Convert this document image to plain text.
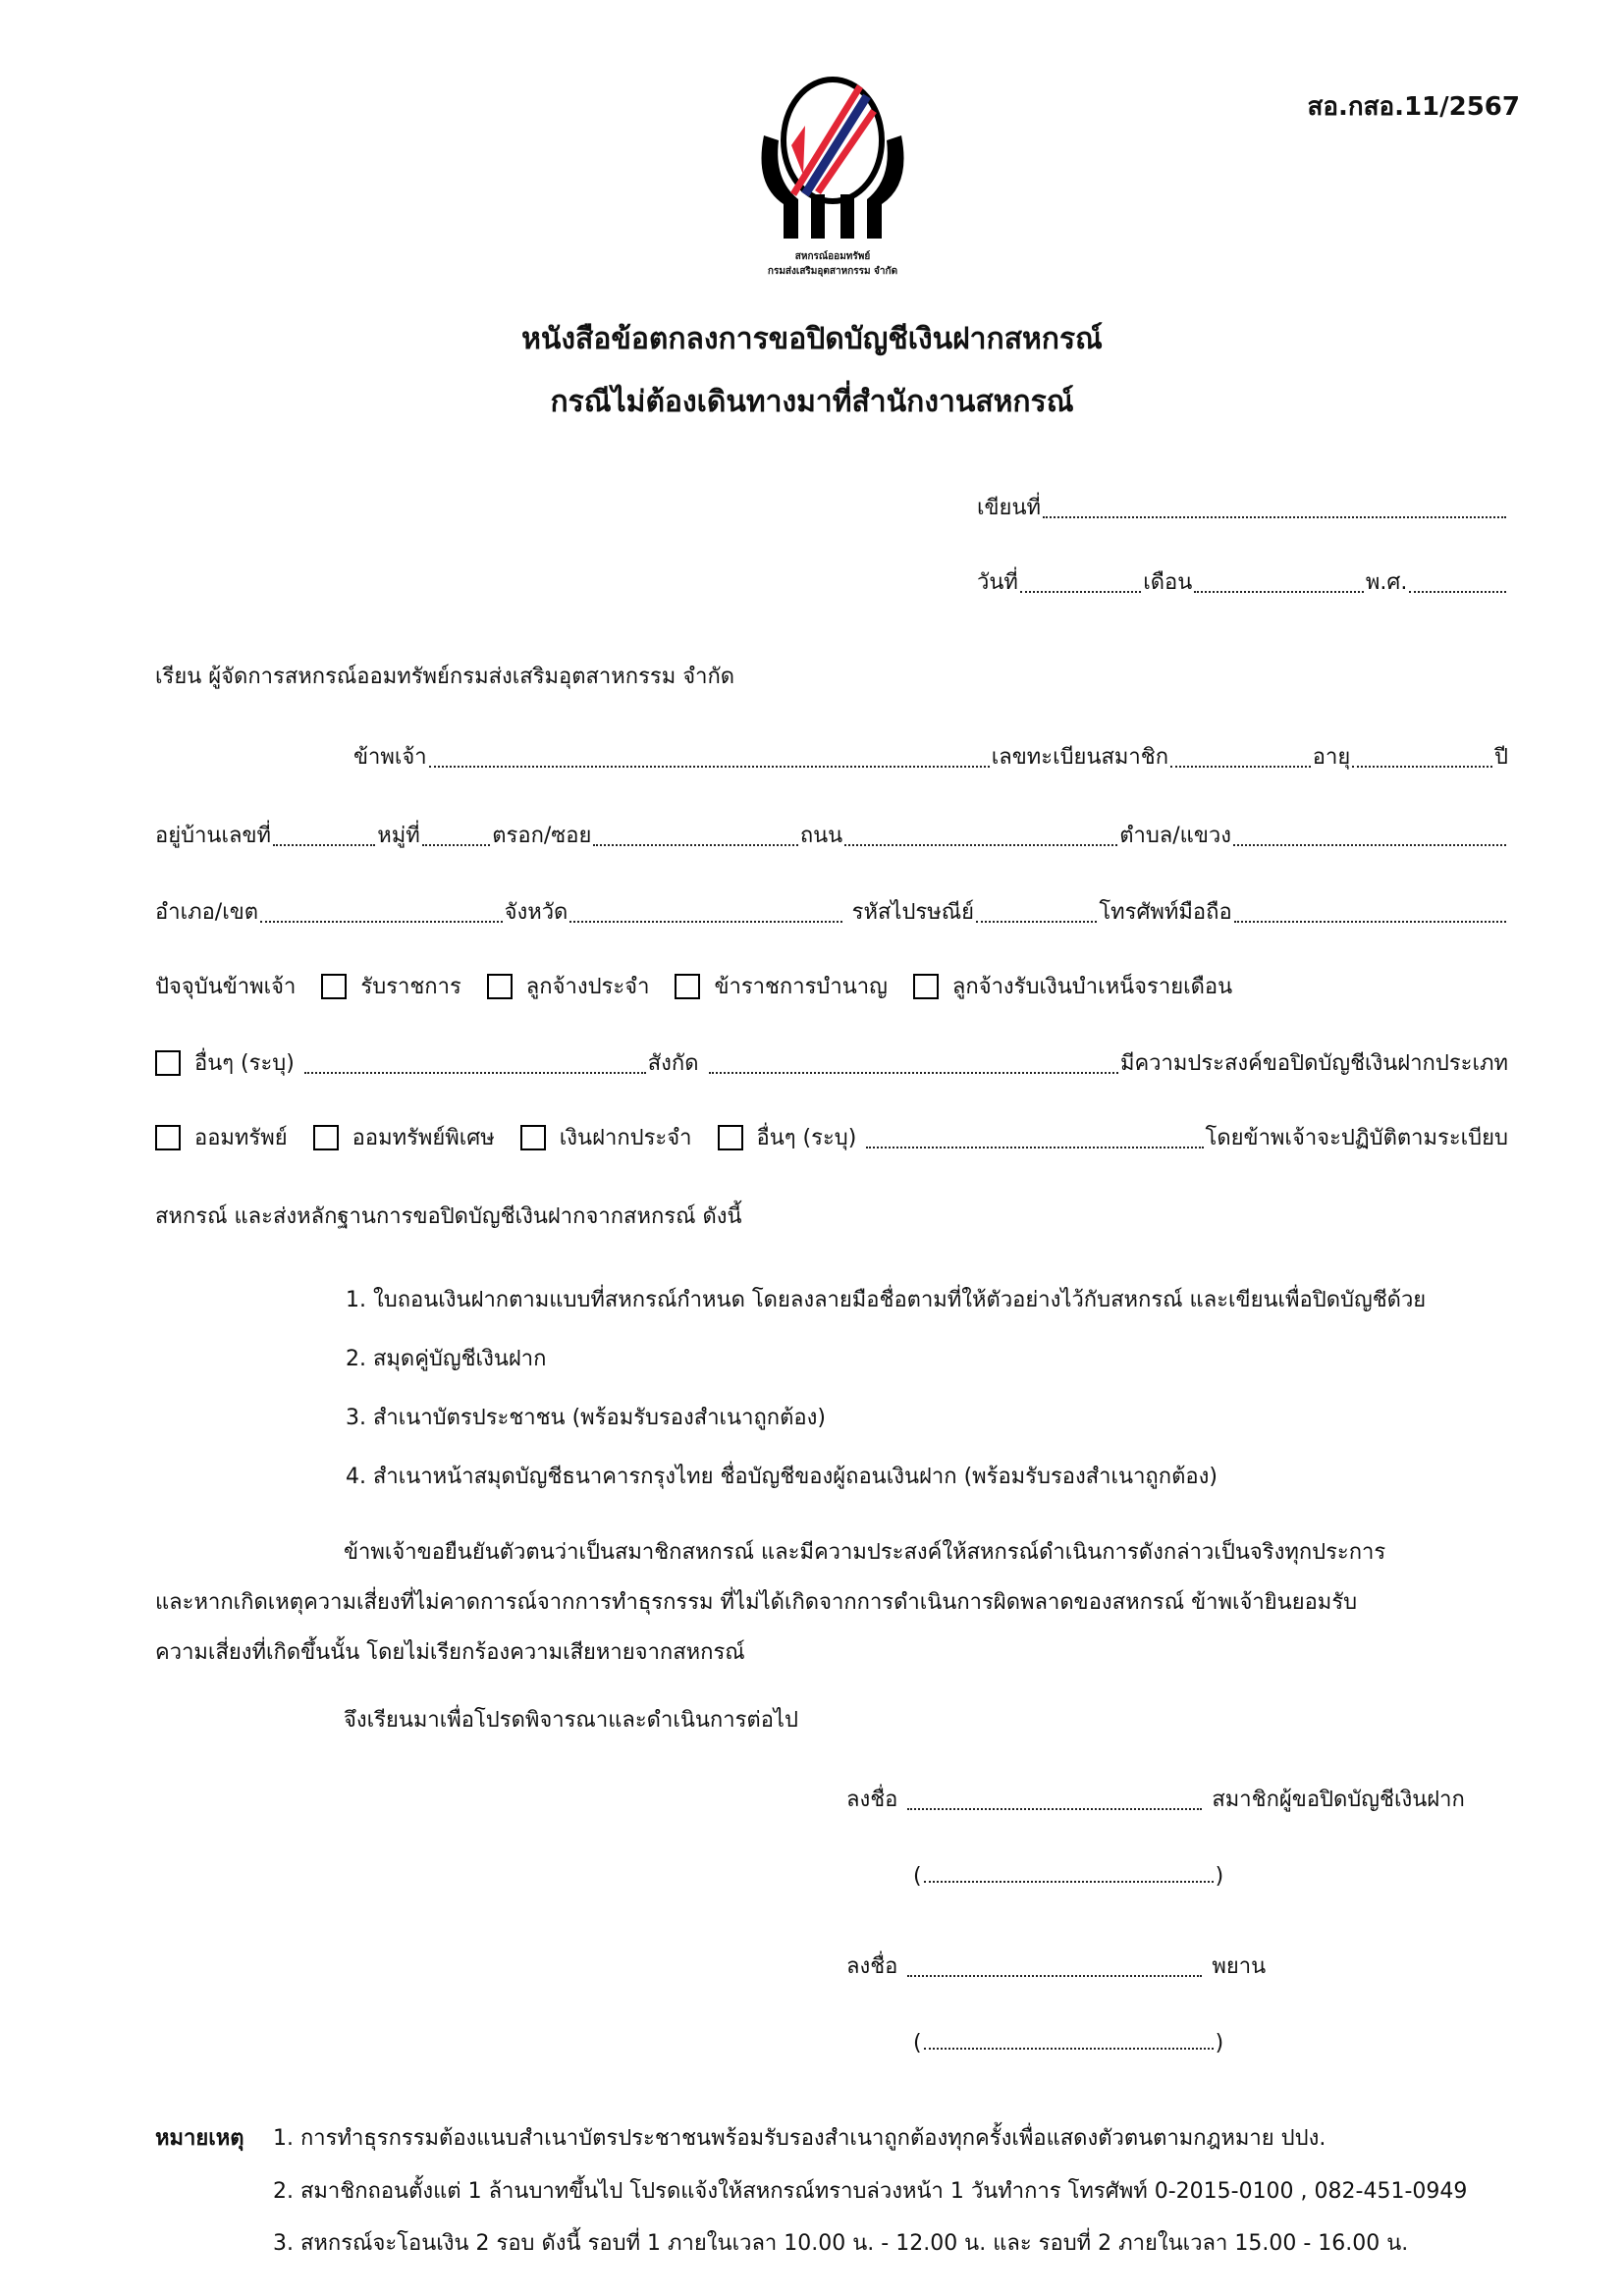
สอ.กสอ.11/2567
สหกรณ์ออมทรัพย์
กรมส่งเสริมอุตสาหกรรม จำกัด
หนังสือข้อตกลงการขอปิดบัญชีเงินฝากสหกรณ์
กรณีไม่ต้องเดินทางมาที่สำนักงานสหกรณ์
เขียนที่
วันที่	เดือน	พ.ศ.
เรียน ผู้จัดการสหกรณ์ออมทรัพย์กรมส่งเสริมอุตสาหกรรม จำกัด
ข้าพเจ้า	เลขทะเบียนสมาชิก	อายุ	ปี
อยู่บ้านเลขที่	หมู่ที่	ตรอก/ซอย	ถนน	ตำบล/แขวง
อำเภอ/เขต	จังหวัด	รหัสไปรษณีย์	โทรศัพท์มือถือ
ปัจจุบันข้าพเจ้า	รับราชการ	ลูกจ้างประจำ	ข้าราชการบำนาญ	ลูกจ้างรับเงินบำเหน็จรายเดือน
อื่นๆ (ระบุ)	สังกัด	มีความประสงค์ขอปิดบัญชีเงินฝากประเภท
ออมทรัพย์	ออมทรัพย์พิเศษ	เงินฝากประจำ	อื่นๆ (ระบุ)	โดยข้าพเจ้าจะปฏิบัติตามระเบียบ
สหกรณ์ และส่งหลักฐานการขอปิดบัญชีเงินฝากจากสหกรณ์ ดังนี้
1. ใบถอนเงินฝากตามแบบที่สหกรณ์กำหนด โดยลงลายมือชื่อตามที่ให้ตัวอย่างไว้กับสหกรณ์ และเขียนเพื่อปิดบัญชีด้วย
2. สมุดคู่บัญชีเงินฝาก
3. สำเนาบัตรประชาชน (พร้อมรับรองสำเนาถูกต้อง)
4. สำเนาหน้าสมุดบัญชีธนาคารกรุงไทย ชื่อบัญชีของผู้ถอนเงินฝาก (พร้อมรับรองสำเนาถูกต้อง)
ข้าพเจ้าขอยืนยันตัวตนว่าเป็นสมาชิกสหกรณ์ และมีความประสงค์ให้สหกรณ์ดำเนินการดังกล่าวเป็นจริงทุกประการ
และหากเกิดเหตุความเสี่ยงที่ไม่คาดการณ์จากการทำธุรกรรม ที่ไม่ได้เกิดจากการดำเนินการผิดพลาดของสหกรณ์ ข้าพเจ้ายินยอมรับ
ความเสี่ยงที่เกิดขึ้นนั้น โดยไม่เรียกร้องความเสียหายจากสหกรณ์
จึงเรียนมาเพื่อโปรดพิจารณาและดำเนินการต่อไป
ลงชื่อ	สมาชิกผู้ขอปิดบัญชีเงินฝาก
(	)
ลงชื่อ	พยาน
(	)
หมายเหตุ 1. การทำธุรกรรมต้องแนบสำเนาบัตรประชาชนพร้อมรับรองสำเนาถูกต้องทุกครั้งเพื่อแสดงตัวตนตามกฎหมาย ปปง.
2. สมาชิกถอนตั้งแต่ 1 ล้านบาทขึ้นไป โปรดแจ้งให้สหกรณ์ทราบล่วงหน้า 1 วันทำการ โทรศัพท์ 0-2015-0100 , 082-451-0949
3. สหกรณ์จะโอนเงิน 2 รอบ ดังนี้ รอบที่ 1 ภายในเวลา 10.00 น. - 12.00 น. และ รอบที่ 2 ภายในเวลา 15.00 - 16.00 น.
